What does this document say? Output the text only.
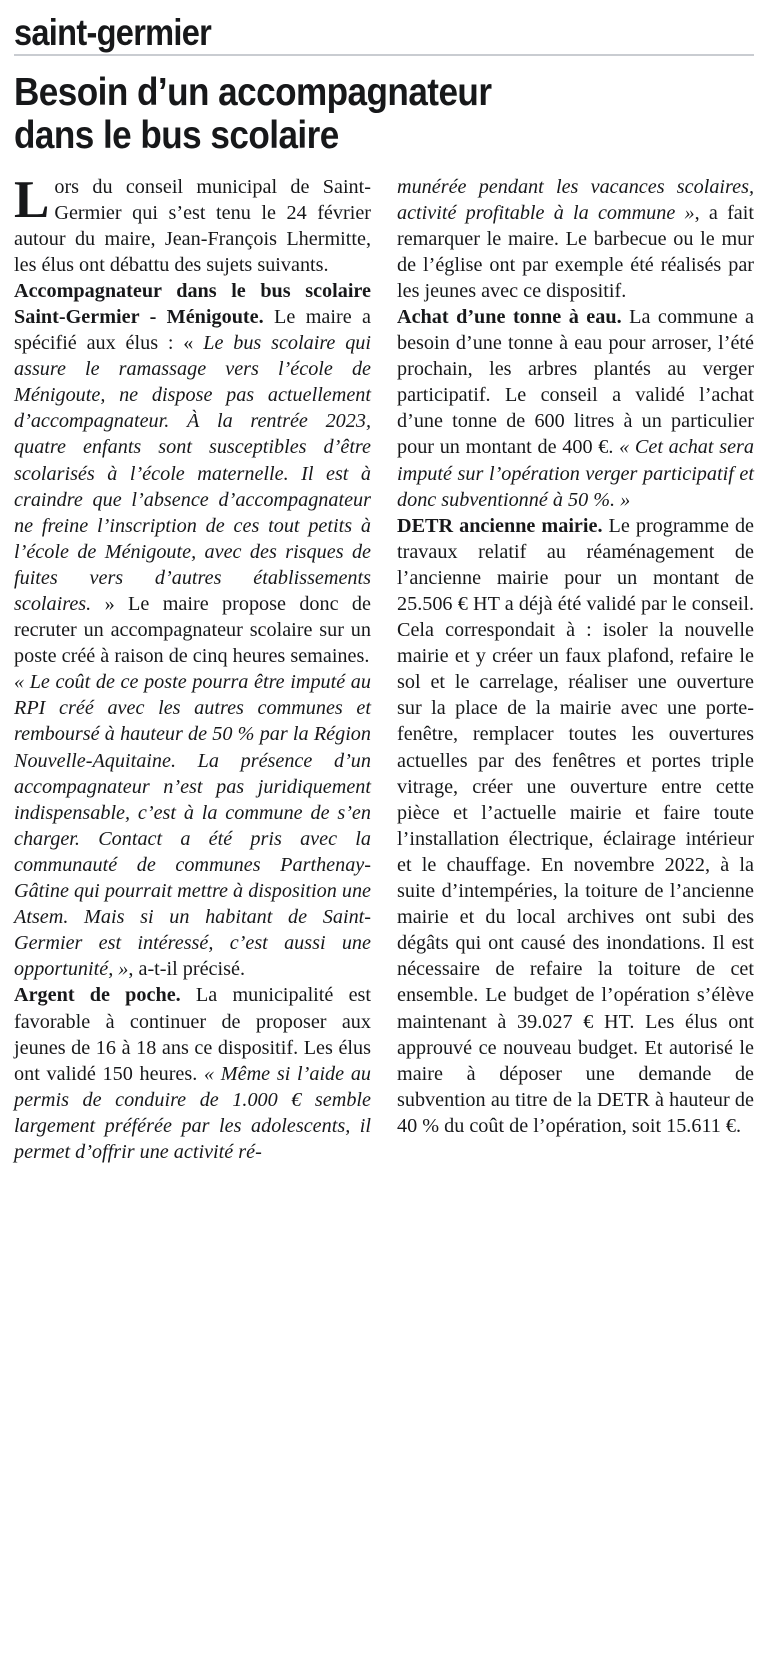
saint-germier
Besoin d’un accompagnateur
dans le bus scolaire

Lors du conseil municipal de Saint-Germier qui s’est tenu le 24 février autour du maire, Jean-François Lhermitte, les élus ont débattu des sujets suivants.

Accompagnateur dans le bus scolaire Saint-Germier - Ménigoute. Le maire a spécifié aux élus : « Le bus scolaire qui assure le ramassage vers l’école de Ménigoute, ne dispose pas actuellement d’accompagnateur. À la rentrée 2023, quatre enfants sont susceptibles d’être scolarisés à l’école maternelle. Il est à craindre que l’absence d’accompagnateur ne freine l’inscription de ces tout petits à l’école de Ménigoute, avec des risques de fuites vers d’autres établissements scolaires. » Le maire propose donc de recruter un accompagnateur scolaire sur un poste créé à raison de cinq heures semaines.

« Le coût de ce poste pourra être imputé au RPI créé avec les autres communes et remboursé à hauteur de 50 % par la Région Nouvelle-Aquitaine. La présence d’un accompagnateur n’est pas juridiquement indispensable, c’est à la commune de s’en charger. Contact a été pris avec la communauté de communes Parthenay-Gâtine qui pourrait mettre à disposition une Atsem. Mais si un habitant de Saint-Germier est intéressé, c’est aussi une opportunité, », a-t-il précisé.

Argent de poche. La municipalité est favorable à continuer de proposer aux jeunes de 16 à 18 ans ce dispositif. Les élus ont validé 150 heures. « Même si l’aide au permis de conduire de 1.000 € semble largement préférée par les adolescents, il permet d’offrir une activité ré-

munérée pendant les vacances scolaires, activité profitable à la commune », a fait remarquer le maire. Le barbecue ou le mur de l’église ont par exemple été réalisés par les jeunes avec ce dispositif.

Achat d’une tonne à eau. La commune a besoin d’une tonne à eau pour arroser, l’été prochain, les arbres plantés au verger participatif. Le conseil a validé l’achat d’une tonne de 600 litres à un particulier pour un montant de 400 €. « Cet achat sera imputé sur l’opération verger participatif et donc subventionné à 50 %. »

DETR ancienne mairie. Le programme de travaux relatif au réaménagement de l’ancienne mairie pour un montant de 25.506 € HT a déjà été validé par le conseil. Cela correspondait à : isoler la nouvelle mairie et y créer un faux plafond, refaire le sol et le carrelage, réaliser une ouverture sur la place de la mairie avec une porte-fenêtre, remplacer toutes les ouvertures actuelles par des fenêtres et portes triple vitrage, créer une ouverture entre cette pièce et l’actuelle mairie et faire toute l’installation électrique, éclairage intérieur et le chauffage. En novembre 2022, à la suite d’intempéries, la toiture de l’ancienne mairie et du local archives ont subi des dégâts qui ont causé des inondations. Il est nécessaire de refaire la toiture de cet ensemble. Le budget de l’opération s’élève maintenant à 39.027 € HT. Les élus ont approuvé ce nouveau budget. Et autorisé le maire à déposer une demande de subvention au titre de la DETR à hauteur de 40 % du coût de l’opération, soit 15.611 €.
